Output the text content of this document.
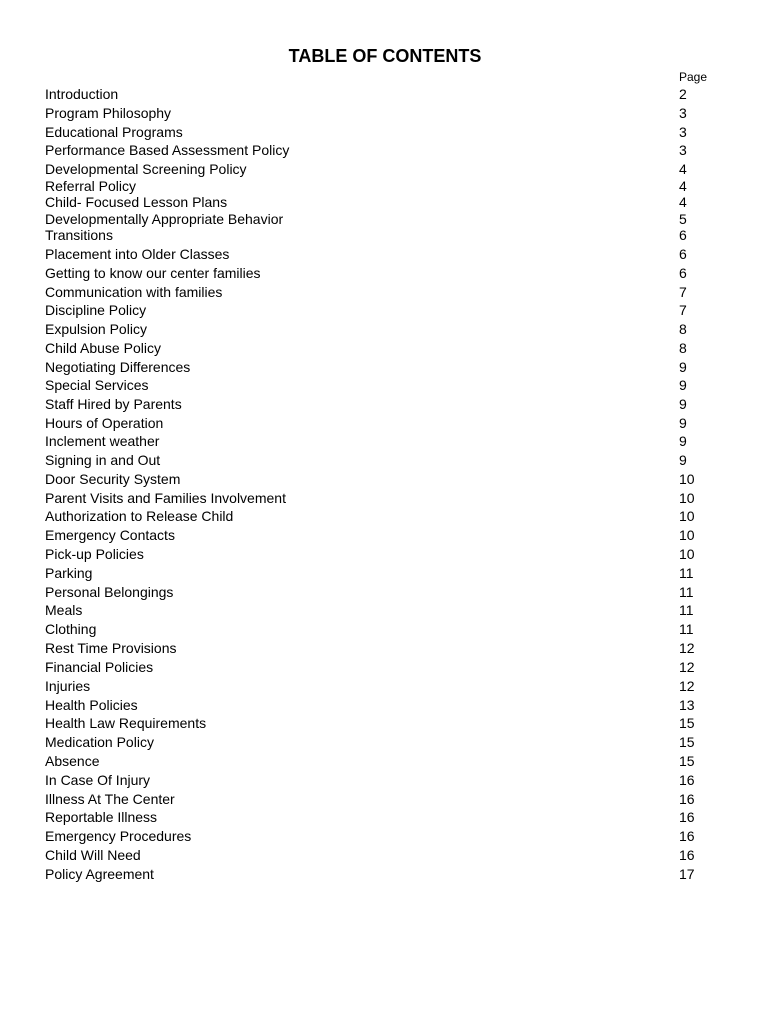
TABLE OF CONTENTS
Page
Introduction	2
Program Philosophy	3
Educational Programs	3
Performance Based Assessment Policy	3
Developmental Screening Policy	4
Referral Policy	4
Child- Focused Lesson Plans	4
Developmentally Appropriate Behavior	5
Transitions	6
Placement into Older Classes	6
Getting to know our center families	6
Communication with families	7
Discipline Policy	7
Expulsion Policy	8
Child Abuse Policy	8
Negotiating Differences	9
Special Services	9
Staff Hired by Parents	9
Hours of Operation	9
Inclement weather	9
Signing in and Out	9
Door Security System	10
Parent Visits and Families Involvement	10
Authorization to Release Child	10
Emergency Contacts	10
Pick-up Policies	10
Parking	11
Personal Belongings	11
Meals	11
Clothing	11
Rest Time Provisions	12
Financial Policies	12
Injuries	12
Health Policies	13
Health Law Requirements	15
Medication Policy	15
Absence	15
In Case Of Injury	16
Illness At The Center	16
Reportable Illness	16
Emergency Procedures	16
Child Will Need	16
Policy Agreement	17
